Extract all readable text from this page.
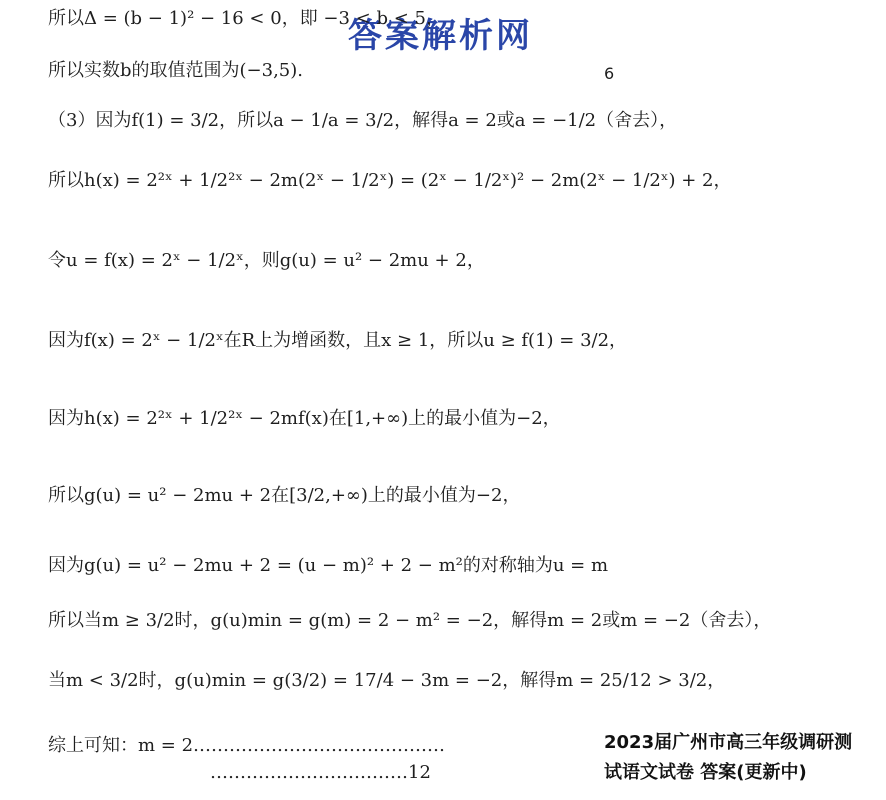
答案解析网
6
所以Δ = (b − 1)² − 16 < 0，即 −3 < b < 5，
所以实数b的取值范围为(−3,5).
（3）因为f(1) = 3/2，所以a − 1/a = 3/2，解得a = 2或a = −1/2（舍去），
所以h(x) = 2²ˣ + 1/2²ˣ − 2m(2ˣ − 1/2ˣ) = (2ˣ − 1/2ˣ)² − 2m(2ˣ − 1/2ˣ) + 2，
令u = f(x) = 2ˣ − 1/2ˣ，则g(u) = u² − 2mu + 2，
因为f(x) = 2ˣ − 1/2ˣ在R上为增函数，且x ≥ 1，所以u ≥ f(1) = 3/2，
因为h(x) = 2²ˣ + 1/2²ˣ − 2mf(x)在[1,+∞)上的最小值为−2，
所以g(u) = u² − 2mu + 2在[3/2,+∞)上的最小值为−2，
因为g(u) = u² − 2mu + 2 = (u − m)² + 2 − m²的对称轴为u = m
所以当m ≥ 3/2时，g(u)min = g(m) = 2 − m² = −2，解得m = 2或m = −2（舍去），
当m < 3/2时，g(u)min = g(3/2) = 17/4 − 3m = −2，解得m = 25/12 > 3/2，
综上可知：m = 2……………………………………
……………………………12
2023届广州市高三年级调研测
试语文试卷 答案(更新中)
